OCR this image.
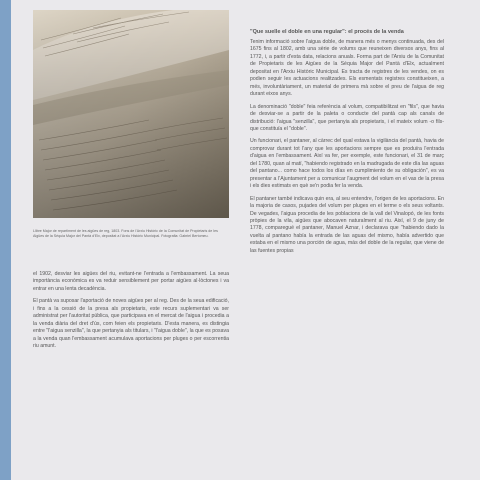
Llibre Major de repartiment de les aigües de reg, 1803. Fons de l'Arxiu Històric de la Comunitat de Propietaris de les Aigües de la Séquia Major del Pantà d'Elx, depositat a l'Arxiu Històric Municipal. Fotografia: Gabriel Bertomeu.

el 1902, desviar les aigües del riu, evitant-ne l'entrada a l'embassament. La seua importància econòmica es va reduir sensiblement per portar aigües al·lòctones i va entrar en una lenta decadència.

El pantà va suposar l'aportació de noves aigües per al reg. Des de la seua edificació, i fins a la cessió de la presa als propietaris, este recurs suplementari va ser administrat per l'autoritat pública, que participava en el mercat de l'aigua i procedia a la venda diària del dret d'ús, com feien els propietaris. D'esta manera, es distingia entre "l'aigua senzilla", la que pertanyia als titulars, i "l'aigua doble", la que es posava a la venda quan l'embassament acumulava aportacions per pluges o per escorrentia riu amunt.

"Que suelle el doble en una regular": el procés de la venda

Tenim informació sobre l'aigua doble, de manera més o menys continuada, des del 1675 fins al 1802, amb una sèrie de volums que reuneixen diversos anys, fins al 1772, i, a partir d'esta data, relacions anuals. Forma part de l'Arxiu de la Comunitat de Propietaris de les Aigües de la Séquia Major del Pantà d'Elx, actualment depositat en l'Arxiu Històric Municipal. Es tracta de registres de les vendes, on es podien seguir les actuacions realitzades. Els esmentats registres constitueixen, a més, involuntàriament, un material de primera mà sobre el preu de l'aigua de reg durant eixos anys.

La denominació "doble" feia referència al volum, compatibilitzat en "fils", que havia de desviar-se a partir de la paleta o conducte del pantà cap als canals de distribució: l'aigua "senzilla", que pertanyia als propietaris, i el mateix volum -o fils- que constituïa el "doble".

Un funcionari, el pantaner, al càrrec del qual estava la vigilància del pantà, havia de comprovar durant tot l'any que les aportacions sempre que es produïra l'entrada d'aigua en l'embassament. Així va fer, per exemple, este funcionari, el 31 de març del 1780, quan al matí, "habiendo registrado en la madrugada de este día las aguas del pantano... como hace todos los días en cumplimiento de su obligación", es va presentar a l'Ajuntament per a comunicar l'augment del volum en el vas de la presa i els dies estimats en què se'n podia fer la venda.

El pantaner també indicava quin era, al seu entendre, l'origen de les aportacions. En la majoria de casos, pujades del volum per pluges en el terme o els seus voltants. De vegades, l'aigua procedia de les poblacions de la vall del Vinalopó, de les fonts pròpies de la vila, aigües que abocaven naturalment al riu. Així, el 9 de juny de 1778, comparegué el pantaner, Manuel Aznar, i declarava que "habiendo dado la vuelta al pantano había la entrada de las aguas del mismo, había advertido que estaba en el mismo una porción de agua, más del doble de la regular, que viene de las fuentes propias
